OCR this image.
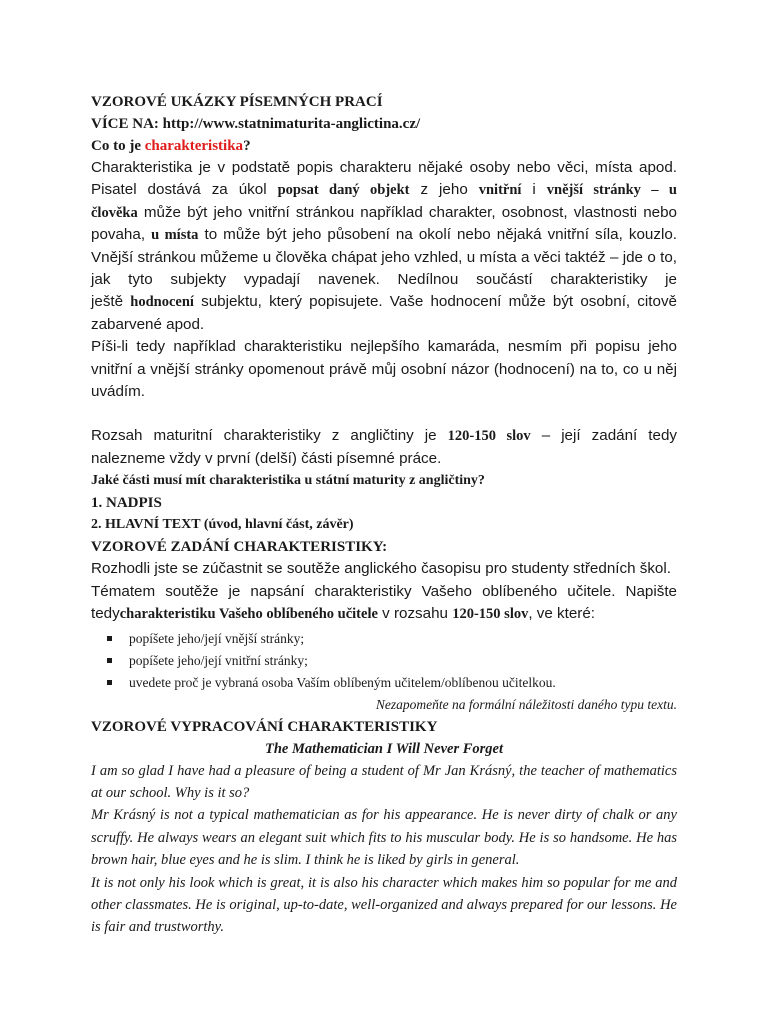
VZOROVÉ UKÁZKY PÍSEMNÝCH PRACÍ

VÍCE NA: http://www.statnimaturita-anglictina.cz/

Co to je charakteristika?

Charakteristika je v podstatě popis charakteru nějaké osoby nebo věci, místa apod.

Pisatel dostává za úkol popsat daný objekt z jeho vnitřní i vnější stránky – u

člověka může být jeho vnitřní stránkou například charakter, osobnost, vlastnosti nebo

povaha, u místa to může být jeho působení na okolí nebo nějaká vnitřní síla, kouzlo.

Vnější stránkou můžeme u člověka chápat jeho vzhled, u místa a věci taktéž – jde o to,

jak tyto subjekty vypadají navenek. Nedílnou součástí charakteristiky je

ještě hodnocení subjektu, který popisujete. Vaše hodnocení může být osobní, citově

zabarvené apod.

Píši-li tedy například charakteristiku nejlepšího kamaráda, nesmím při popisu jeho vnitřní a vnější stránky opomenout právě můj osobní názor (hodnocení) na to, co u něj uvádím.

Rozsah maturitní charakteristiky z angličtiny je 120-150 slov – její zadání tedy nalezneme vždy v první (delší) části písemné práce.

Jaké části musí mít charakteristika u státní maturity z angličtiny?

1. NADPIS

2. HLAVNÍ TEXT (úvod, hlavní část, závěr)

VZOROVÉ ZADÁNÍ CHARAKTERISTIKY:

Rozhodli jste se zúčastnit se soutěže anglického časopisu pro studenty středních škol.

Tématem soutěže je napsání charakteristiky Vašeho oblíbeného učitele. Napište

tedycharakteristiku Vašeho oblíbeného učitele v rozsahu 120-150 slov, ve které:

popíšete jeho/její vnější stránky;
popíšete jeho/její vnitřní stránky;
uvedete proč je vybraná osoba Vaším oblíbeným učitelem/oblíbenou učitelkou.

Nezapomeňte na formální náležitosti daného typu textu.

VZOROVÉ VYPRACOVÁNÍ CHARAKTERISTIKY

The Mathematician I Will Never Forget

I am so glad I have had a pleasure of being a student of Mr Jan Krásný, the teacher of mathematics at our school. Why is it so?

Mr Krásný is not a typical mathematician as for his appearance. He is never dirty of chalk or any scruffy. He always wears an elegant suit which fits to his muscular body. He is so handsome. He has brown hair, blue eyes and he is slim. I think he is liked by girls in general.

It is not only his look which is great, it is also his character which makes him so popular for me and other classmates. He is original, up-to-date, well-organized and always prepared for our lessons. He is fair and trustworthy.
